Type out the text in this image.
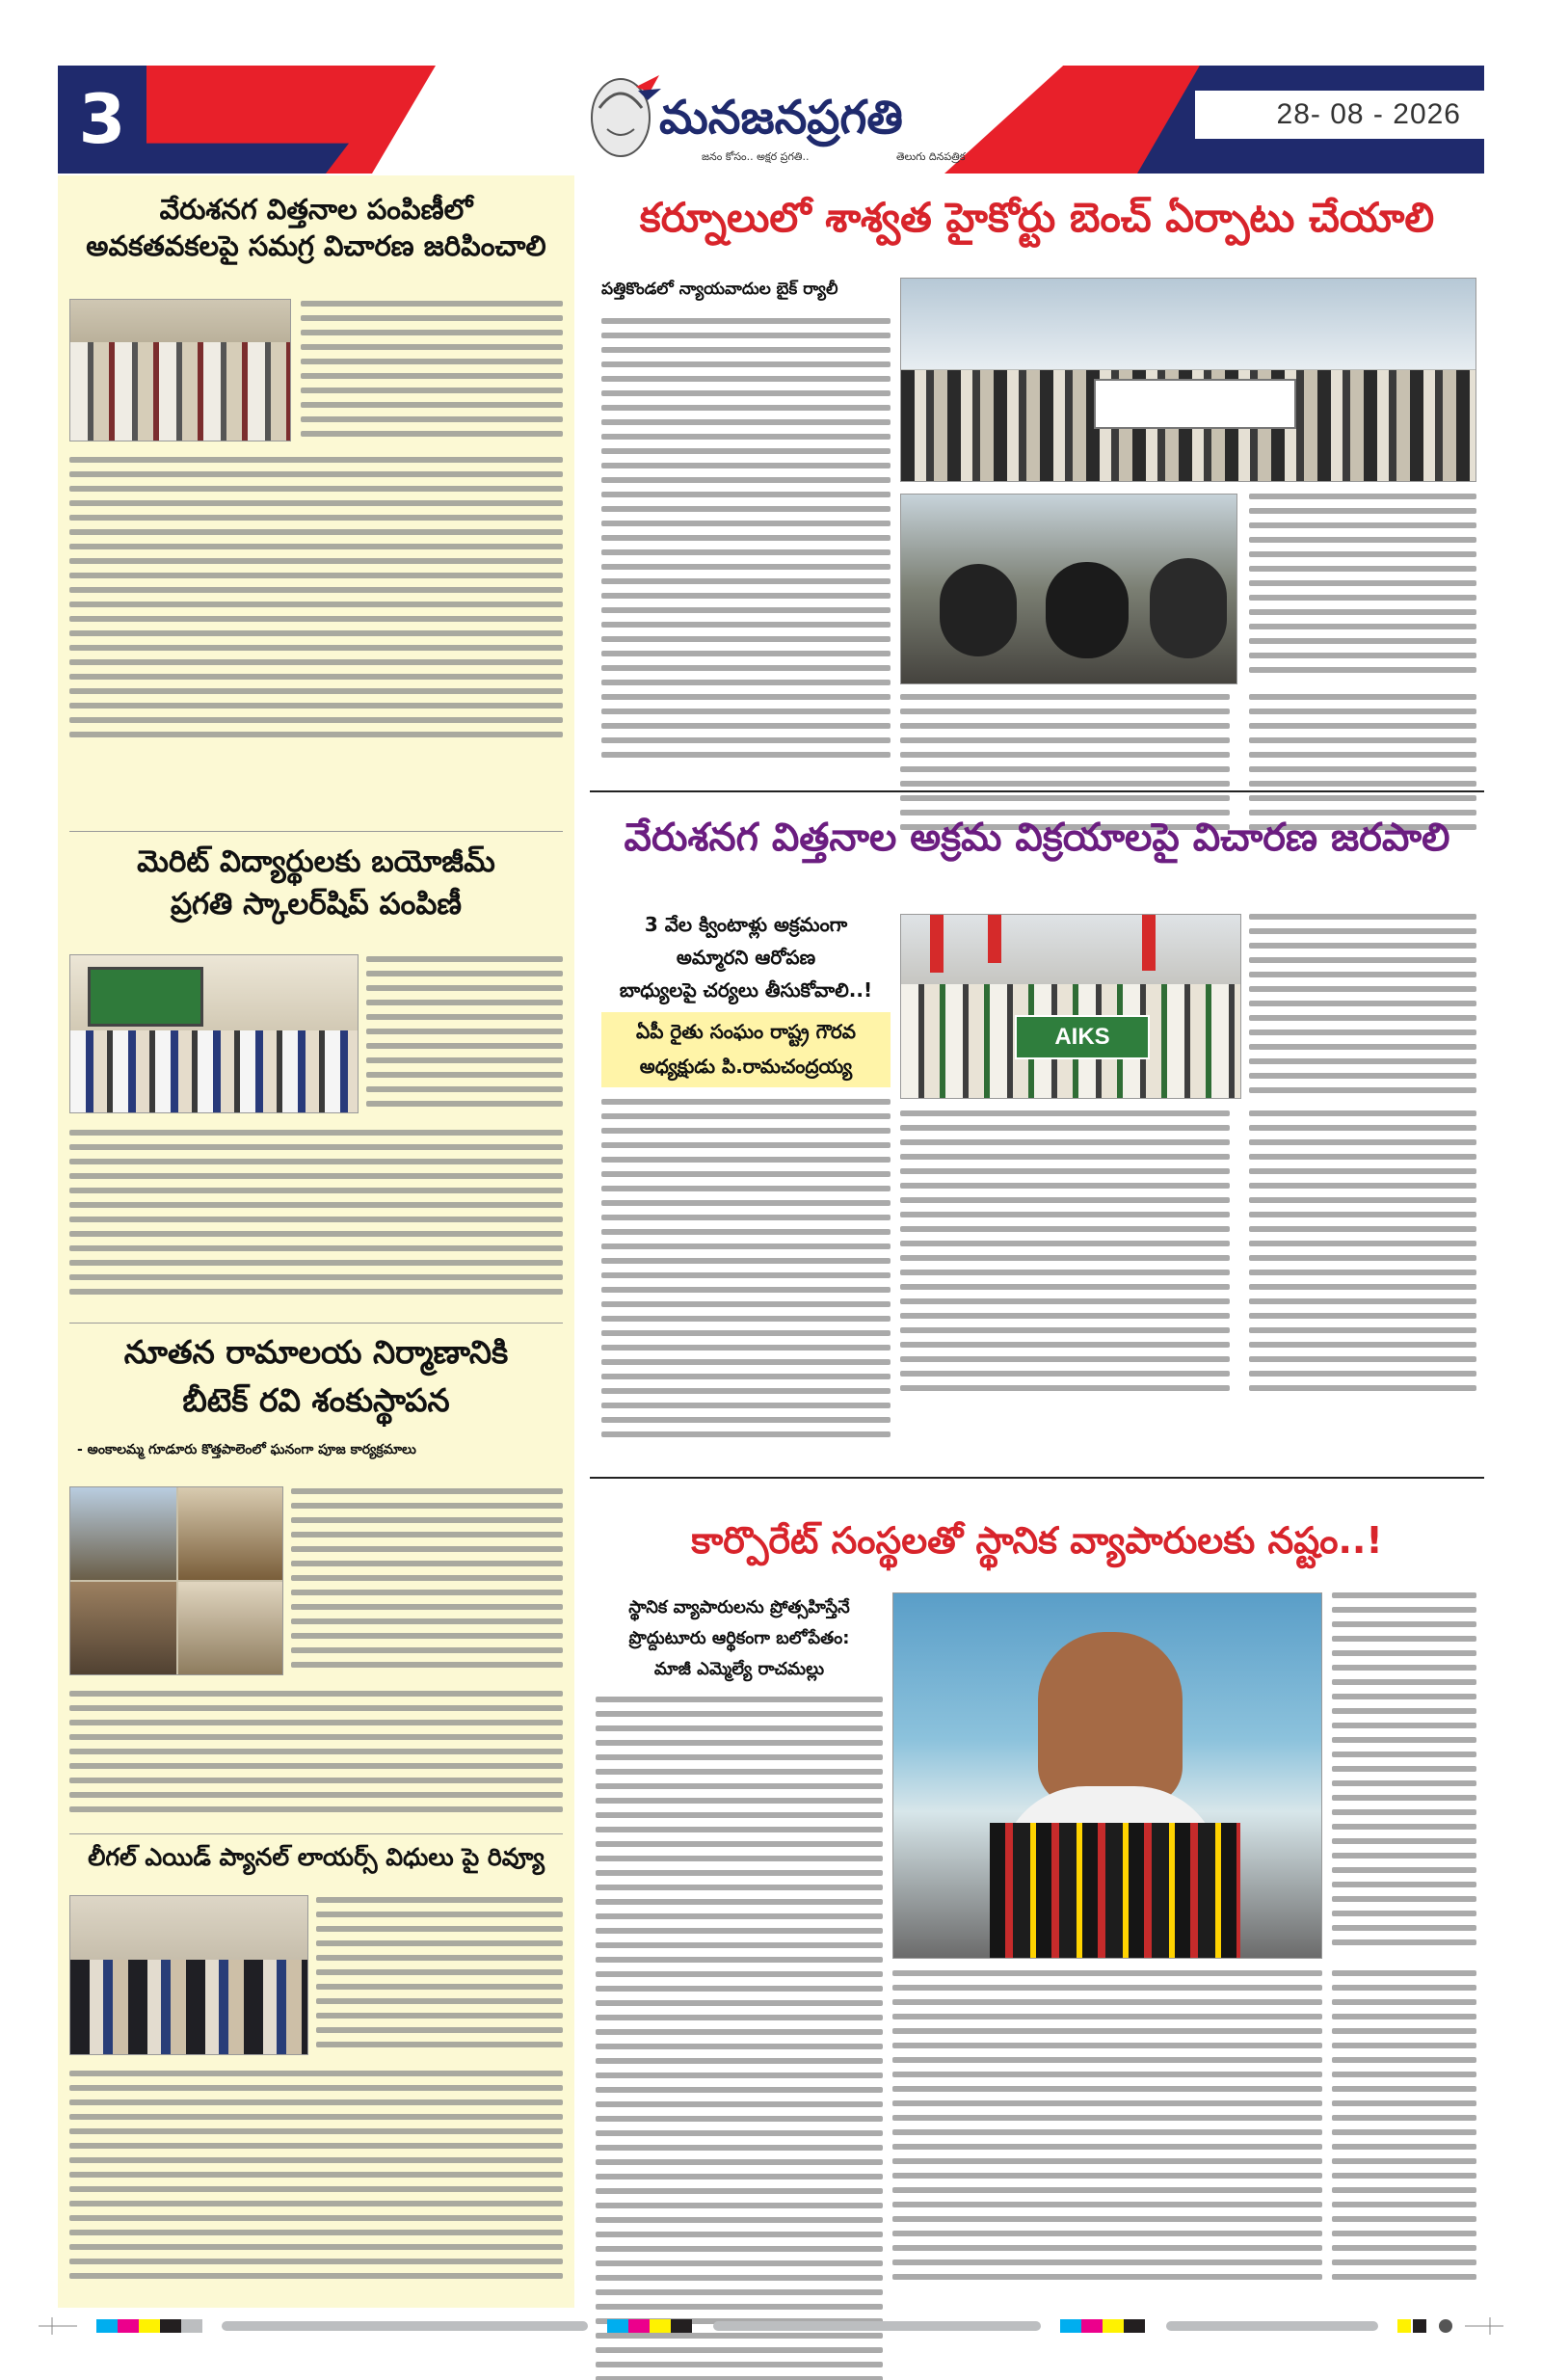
3	28- 08 - 2026
మనజనప్రగతి
జనం కోసం.. అక్షర ప్రగతి..	తెలుగు దినపత్రిక
వేరుశనగ విత్తనాల పంపిణీలో
అవకతవకలపై సమగ్ర విచారణ జరిపించాలి
మెరిట్ విద్యార్థులకు బయోజీమ్
ప్రగతి స్కాలర్‌షిప్ పంపిణీ
నూతన రామాలయ నిర్మాణానికి
బీటెక్ రవి శంకుస్థాపన
- అంకాలమ్మ గూడూరు కొత్తపాలెంలో ఘనంగా పూజ కార్యక్రమాలు
లీగల్ ఎయిడ్ ప్యానల్ లాయర్స్ విధులు పై రివ్యూ
కర్నూలులో శాశ్వత హైకోర్టు బెంచ్ ఏర్పాటు చేయాలి
పత్తికొండలో న్యాయవాదుల బైక్ ర్యాలీ
వేరుశనగ విత్తనాల అక్రమ విక్రయాలపై విచారణ జరపాలి
3 వేల క్వింటాళ్లు అక్రమంగా
అమ్మారని ఆరోపణ
బాధ్యులపై చర్యలు తీసుకోవాలి..!
ఏపీ రైతు సంఘం రాష్ట్ర గౌరవ
అధ్యక్షుడు పి.రామచంద్రయ్య
AIKS
కార్పొరేట్ సంస్థలతో స్థానిక వ్యాపారులకు నష్టం..!
స్థానిక వ్యాపారులను ప్రోత్సహిస్తేనే
ప్రొద్దుటూరు ఆర్థికంగా బలోపేతం:
మాజీ ఎమ్మెల్యే రాచమల్లు
